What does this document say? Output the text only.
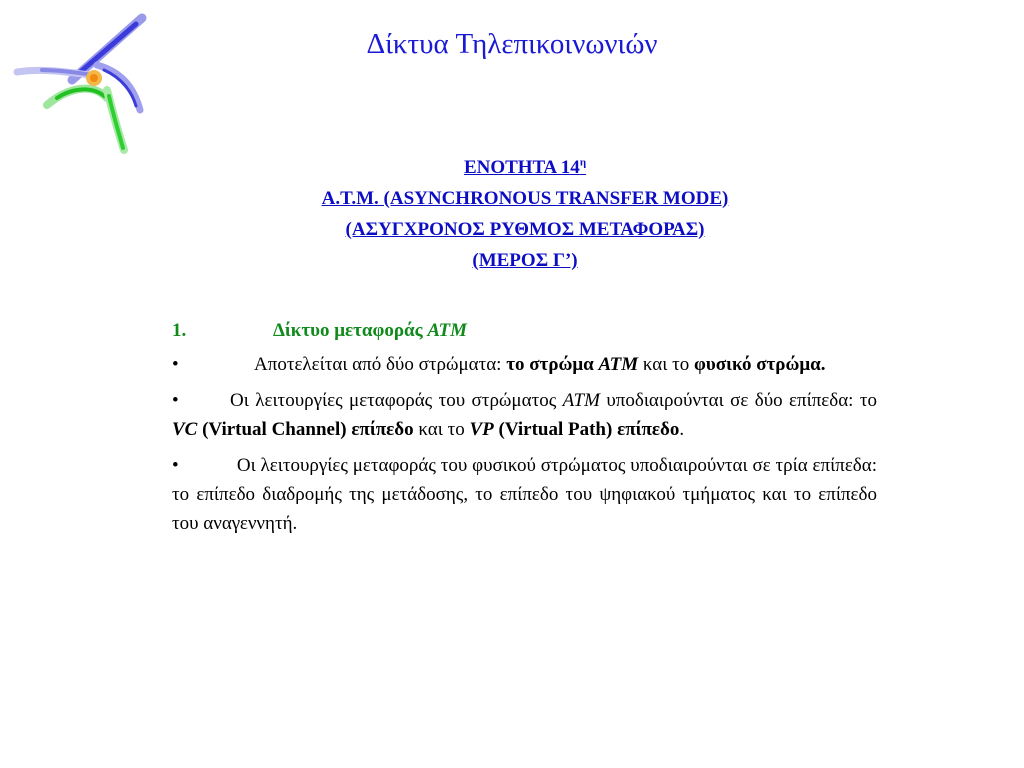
Δίκτυα Τηλεπικοινωνιών
ΕΝΟΤΗΤΑ $14^\eta$
A.T.M. (ASYNCHRONOUS TRANSFER MODE)
(ΑΣΥΓΧΡΟΝΟΣ ΡΥΘΜΟΣ ΜΕΤΑΦΟΡΑΣ)
(ΜΕΡΟΣ Γ’)
1.	Δίκτυο μεταφοράς ΑΤΜ
•	Αποτελείται από δύο στρώματα: το στρώμα ΑΤΜ και το φυσικό στρώμα.
•	Οι λειτουργίες μεταφοράς του στρώματος ΑΤΜ υποδιαιρούνται σε δύο επίπεδα: το VC (Virtual Channel) επίπεδο και το VP (Virtual Path) επίπεδο.
•	Οι λειτουργίες μεταφοράς του φυσικού στρώματος υποδιαιρούνται σε τρία επίπεδα: το επίπεδο διαδρομής της μετάδοσης, το επίπεδο του ψηφιακού τμήματος και το επίπεδο του αναγεννητή.
